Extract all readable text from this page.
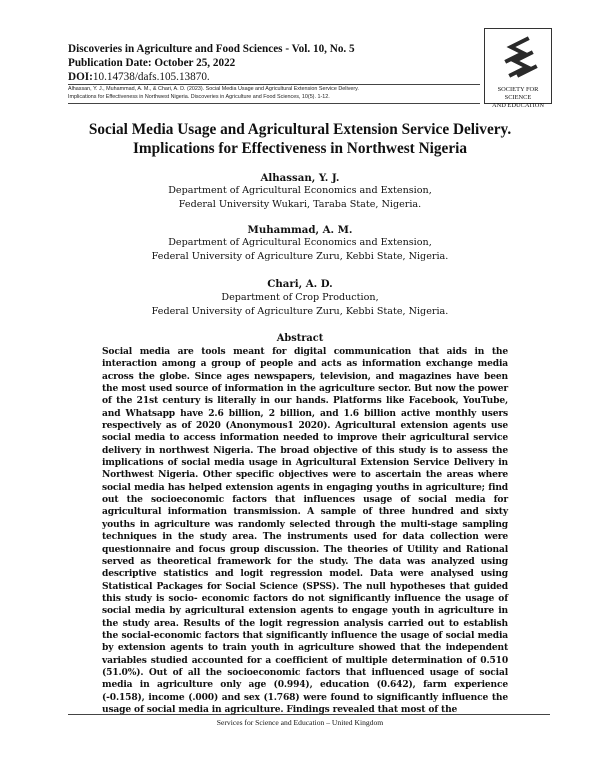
Discoveries in Agriculture and Food Sciences - Vol. 10, No. 5
Publication Date: October 25, 2022
DOI:10.14738/dafs.105.13870.
Alhassan, Y. J., Muhammad, A. M., & Chari, A. D. (2023). Social Media Usage and Agricultural Extension Service Delivery.
Implications for Effectiveness in Northwest Nigeria. Discoveries in Agriculture and Food Sciences, 10(5). 1-12.
SOCIETY FOR SCIENCE
AND EDUCATION
Social Media Usage and Agricultural Extension Service Delivery.
Implications for Effectiveness in Northwest Nigeria
Alhassan, Y. J.
Department of Agricultural Economics and Extension,
Federal University Wukari, Taraba State, Nigeria.
Muhammad, A. M.
Department of Agricultural Economics and Extension,
Federal University of Agriculture Zuru, Kebbi State, Nigeria.
Chari, A. D.
Department of Crop Production,
Federal University of Agriculture Zuru, Kebbi State, Nigeria.
Abstract
Social media are tools meant for digital communication that aids in the interaction among a group of people and acts as information exchange media across the globe. Since ages newspapers, television, and magazines have been the most used source of information in the agriculture sector. But now the power of the 21st century is literally in our hands. Platforms like Facebook, YouTube, and Whatsapp have 2.6 billion, 2 billion, and 1.6 billion active monthly users respectively as of 2020 (Anonymous1 2020). Agricultural extension agents use social media to access information needed to improve their agricultural service delivery in northwest Nigeria. The broad objective of this study is to assess the implications of social media usage in Agricultural Extension Service Delivery in Northwest Nigeria. Other specific objectives were to ascertain the areas where social media has helped extension agents in engaging youths in agriculture; find out the socioeconomic factors that influences usage of social media for agricultural information transmission. A sample of three hundred and sixty youths in agriculture was randomly selected through the multi-stage sampling techniques in the study area. The instruments used for data collection were questionnaire and focus group discussion. The theories of Utility and Rational served as theoretical framework for the study. The data was analyzed using descriptive statistics and logit regression model. Data were analysed using Statistical Packages for Social Science (SPSS). The null hypotheses that guided this study is socio- economic factors do not significantly influence the usage of social media by agricultural extension agents to engage youth in agriculture in the study area. Results of the logit regression analysis carried out to establish the social-economic factors that significantly influence the usage of social media by extension agents to train youth in agriculture showed that the independent variables studied accounted for a coefficient of multiple determination of 0.510 (51.0%). Out of all the socioeconomic factors that influenced usage of social media in agriculture only age (0.994), education (0.642), farm experience (-0.158), income (.000) and sex (1.768) were found to significantly influence the usage of social media in agriculture. Findings revealed that most of the
Services for Science and Education – United Kingdom
